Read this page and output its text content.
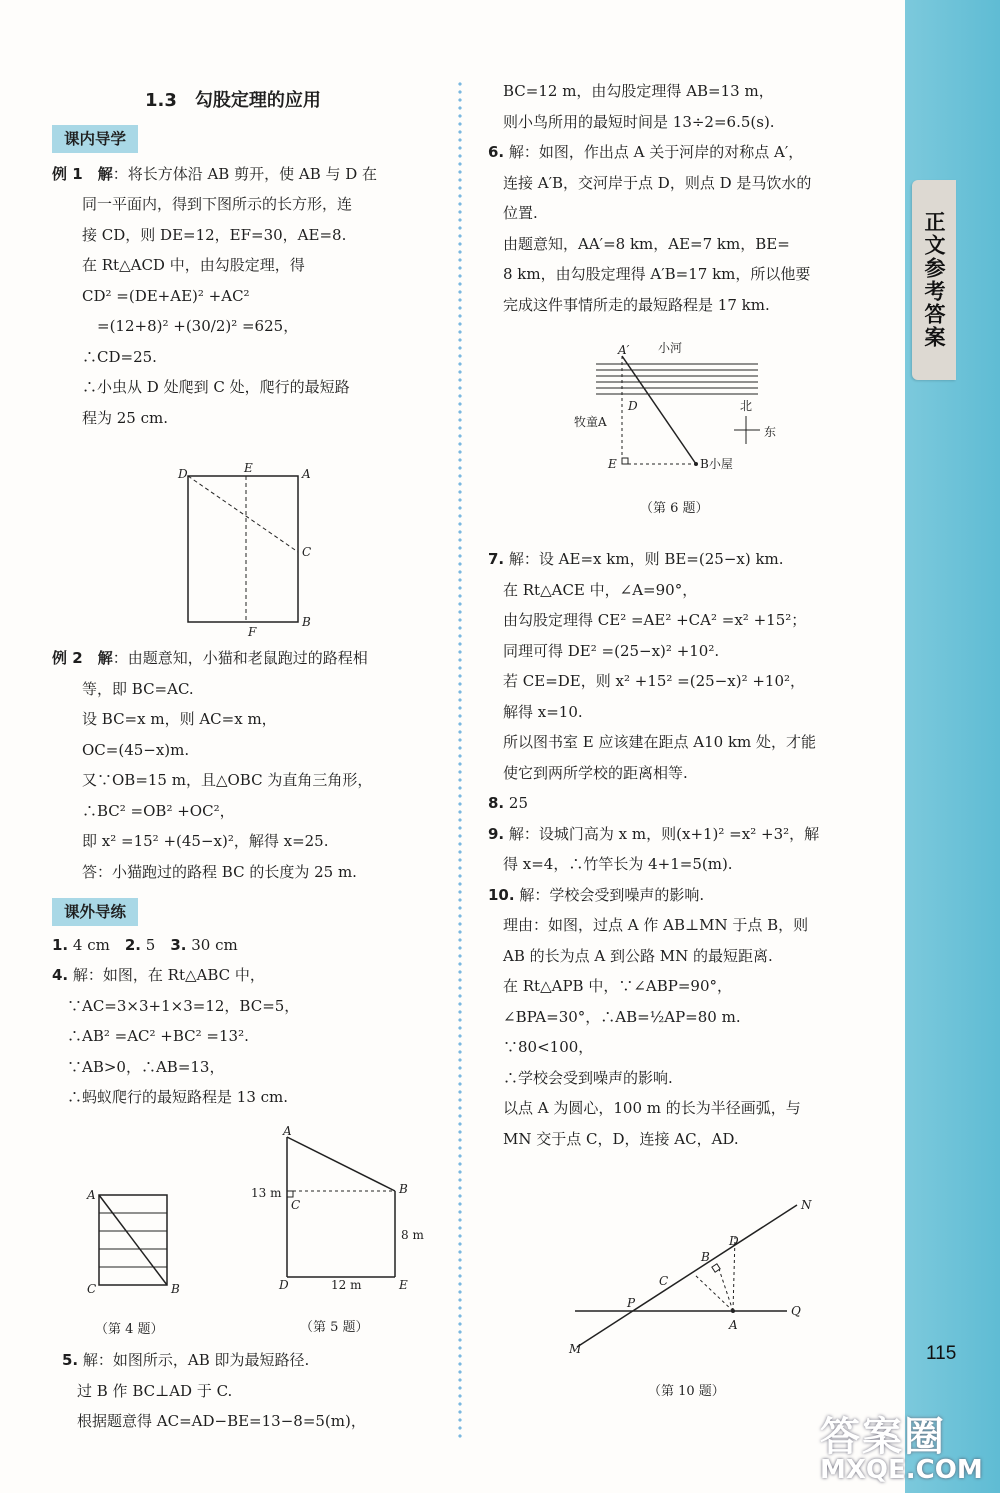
正文参考答案
115
答案圈
MXQE.COM
1.3　勾股定理的应用
课内导学
例 1　 解：将长方体沿 AB 剪开，使 AB 与 D 在
　　同一平面内，得到下图所示的长方形，连
　　接 CD，则 DE=12，EF=30，AE=8.
　　在 Rt△ACD 中，由勾股定理，得
　　CD² =(DE+AE)² +AC²
　　　=(12+8)² +(30/2)² =625，
　　∴CD=25.
　　∴小虫从 D 处爬到 C 处，爬行的最短路
　　程为 25 cm.
D	E	A
C
B
F
例 2　 解：由题意知，小猫和老鼠跑过的路程相
　　等，即 BC=AC.
　　设 BC=x m，则 AC=x m，
　　OC=(45−x)m.
　　又∵OB=15 m，且△OBC 为直角三角形，
　　∴BC² =OB² +OC²，
　　即 x² =15² +(45−x)²，解得 x=25.
　　答：小猫跑过的路程 BC 的长度为 25 m.
课外导练
1. 4 cm　2. 5　3. 30 cm
4. 解：如图，在 Rt△ABC 中，
　∵AC=3×3+1×3=12，BC=5，
　∴AB² =AC² +BC² =13².
　∵AB>0，∴AB=13，
　∴蚂蚁爬行的最短路程是 13 cm.
A
C	B
（第 4 题）
A
C
B
D	E
13 m
8 m
12 m
（第 5 题）
5. 解：如图所示，AB 即为最短路径.
　过 B 作 BC⊥AD 于 C.
　根据题意得 AC=AD−BE=13−8=5(m)，
　BC=12 m，由勾股定理得 AB=13 m，
　则小鸟所用的最短时间是 13÷2=6.5(s).
6. 解：如图，作出点 A 关于河岸的对称点 A′，
　连接 A′B，交河岸于点 D，则点 D 是马饮水的
　位置.
　由题意知，AA′=8 km，AE=7 km，BE=
　8 km，由勾股定理得 A′B=17 km，所以他要
　完成这件事情所走的最短路程是 17 km.
A′
D
E
小河
北
东
牧童A
B小屋
（第 6 题）
7. 解：设 AE=x km，则 BE=(25−x) km.
　在 Rt△ACE 中，∠A=90°，
　由勾股定理得 CE² =AE² +CA² =x² +15²；
　同理可得 DE² =(25−x)² +10².
　若 CE=DE，则 x² +15² =(25−x)² +10²，
　解得 x=10.
　所以图书室 E 应该建在距点 A10 km 处，才能
　使它到两所学校的距离相等.
8. 25
9. 解：设城门高为 x m，则(x+1)² =x² +3²，解
　得 x=4，∴竹竿长为 4+1=5(m).
10. 解：学校会受到噪声的影响.
　理由：如图，过点 A 作 AB⊥MN 于点 B，则
　AB 的长为点 A 到公路 MN 的最短距离.
　在 Rt△APB 中，∵∠ABP=90°，
　∠BPA=30°，∴AB=½AP=80 m.
　∵80<100，
　∴学校会受到噪声的影响.
　以点 A 为圆心，100 m 的长为半径画弧，与
　MN 交于点 C，D，连接 AC，AD.
N
Q
M
P
C
B
D
A
（第 10 题）
